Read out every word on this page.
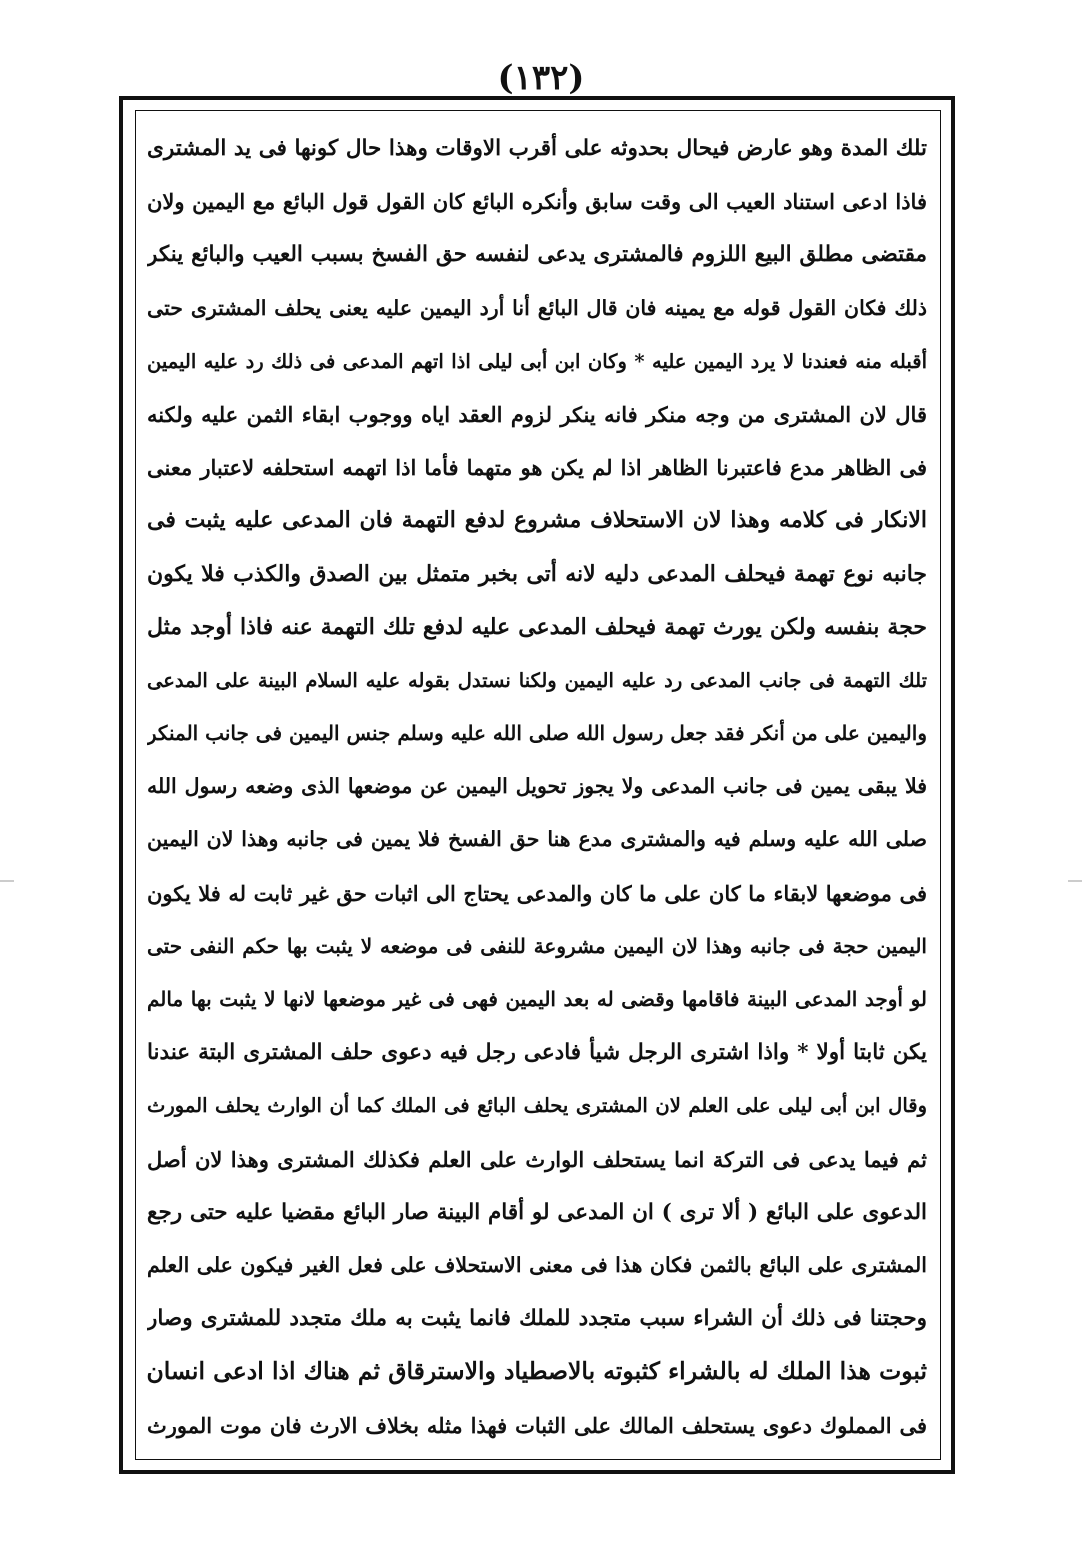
(١٣٢)
تلك المدة وهو عارض فيحال بحدوثه على أقرب الاوقات وهذا حال كونها فى يد المشترى
فاذا ادعى استناد العيب الى وقت سابق وأنكره البائع كان القول قول البائع مع اليمين ولان
مقتضى مطلق البيع اللزوم فالمشترى يدعى لنفسه حق الفسخ بسبب العيب والبائع ينكر
ذلك فكان القول قوله مع يمينه فان قال البائع أنا أرد اليمين عليه يعنى يحلف المشترى حتى
أقبله منه فعندنا لا يرد اليمين عليه * وكان ابن أبى ليلى اذا اتهم المدعى فى ذلك رد عليه اليمين
قال لان المشترى من وجه منكر فانه ينكر لزوم العقد اياه ووجوب ابقاء الثمن عليه ولكنه
فى الظاهر مدع فاعتبرنا الظاهر اذا لم يكن هو متهما فأما اذا اتهمه استحلفه لاعتبار معنى
الانكار فى كلامه وهذا لان الاستحلاف مشروع لدفع التهمة فان المدعى عليه يثبت فى
جانبه نوع تهمة فيحلف المدعى دليه لانه أتى بخبر متمثل بين الصدق والكذب فلا يكون
حجة بنفسه ولكن يورث تهمة فيحلف المدعى عليه لدفع تلك التهمة عنه فاذا أوجد مثل
تلك التهمة فى جانب المدعى رد عليه اليمين ولكنا نستدل بقوله عليه السلام البينة على المدعى
واليمين على من أنكر فقد جعل رسول الله صلى الله عليه وسلم جنس اليمين فى جانب المنكر
فلا يبقى يمين فى جانب المدعى ولا يجوز تحويل اليمين عن موضعها الذى وضعه رسول الله
صلى الله عليه وسلم فيه والمشترى مدع هنا حق الفسخ فلا يمين فى جانبه وهذا لان اليمين
فى موضعها لابقاء ما كان على ما كان والمدعى يحتاج الى اثبات حق غير ثابت له فلا يكون
اليمين حجة فى جانبه وهذا لان اليمين مشروعة للنفى فى موضعه لا يثبت بها حكم النفى حتى
لو أوجد المدعى البينة فاقامها وقضى له بعد اليمين فهى فى غير موضعها لانها لا يثبت بها مالم
يكن ثابتا أولا * واذا اشترى الرجل شيأ فادعى رجل فيه دعوى حلف المشترى البتة عندنا
وقال ابن أبى ليلى على العلم لان المشترى يحلف البائع فى الملك كما أن الوارث يحلف المورث
ثم فيما يدعى فى التركة انما يستحلف الوارث على العلم فكذلك المشترى وهذا لان أصل
الدعوى على البائع ( ألا ترى ) ان المدعى لو أقام البينة صار البائع مقضيا عليه حتى رجع
المشترى على البائع بالثمن فكان هذا فى معنى الاستحلاف على فعل الغير فيكون على العلم
وحجتنا فى ذلك أن الشراء سبب متجدد للملك فانما يثبت به ملك متجدد للمشترى وصار
ثبوت هذا الملك له بالشراء كثبوته بالاصطياد والاسترقاق ثم هناك اذا ادعى انسان
فى المملوك دعوى يستحلف المالك على الثبات فهذا مثله بخلاف الارث فان موت المورث
